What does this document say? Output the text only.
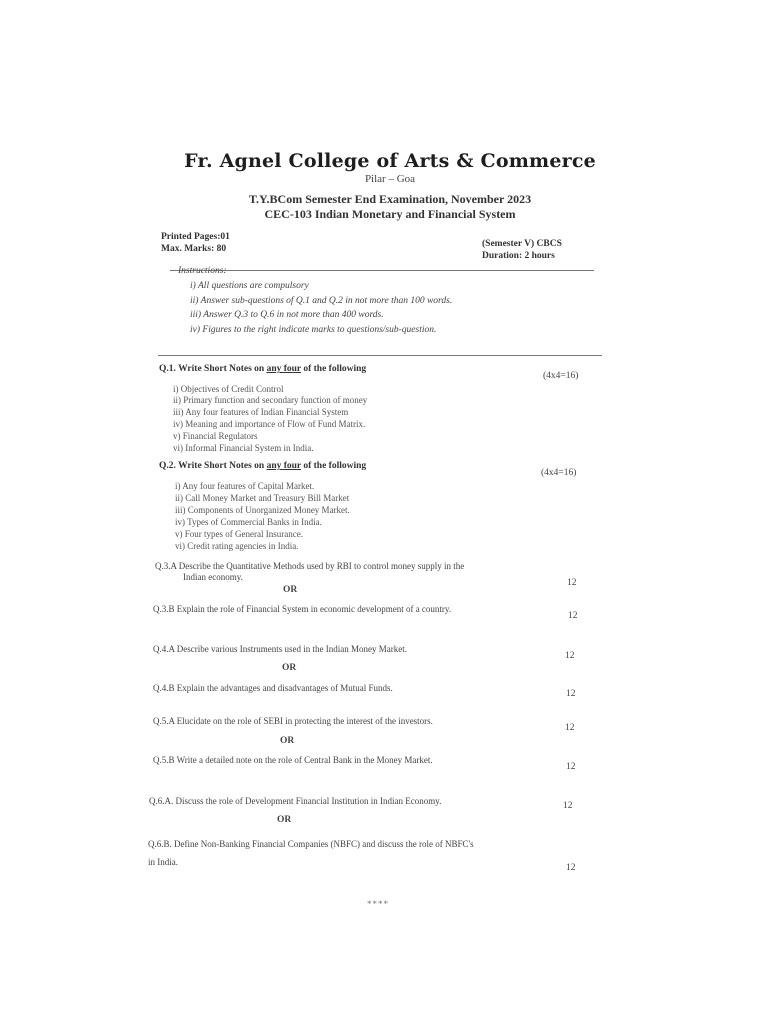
Fr. Agnel College of Arts & Commerce
Pilar – Goa
T.Y.BCom Semester End Examination, November 2023
CEC-103 Indian Monetary and Financial System
Printed Pages:01
Max. Marks: 80	(Semester V) CBCS
Duration: 2 hours
Instructions:
i) All questions are compulsory
ii) Answer sub-questions of Q.1 and Q.2 in not more than 100 words.
iii) Answer Q.3 to Q.6 in not more than 400 words.
iv) Figures to the right indicate marks to questions/sub-question.
Q.1. Write Short Notes on any four of the following
(4x4=16)
i) Objectives of Credit Control
ii) Primary function and secondary function of money
iii) Any four features of Indian Financial System
iv) Meaning and importance of Flow of Fund Matrix.
v) Financial Regulators
vi) Informal Financial System in India.
Q.2. Write Short Notes on any four of the following
(4x4=16)
i) Any four features of Capital Market.
ii) Call Money Market and Treasury Bill Market
iii) Components of Unorganized Money Market.
iv) Types of Commercial Banks in India.
v) Four types of General Insurance.
vi) Credit rating agencies in India.
Q.3.A Describe the Quantitative Methods used by RBI to control money supply in the
Indian economy.
12
OR
Q.3.B Explain the role of Financial System in economic development of a country.
12
Q.4.A Describe various Instruments used in the Indian Money Market.
12
OR
Q.4.B Explain the advantages and disadvantages of Mutual Funds.
12
Q.5.A Elucidate on the role of SEBI in protecting the interest of the investors.
12
OR
Q.5.B Write a detailed note on the role of Central Bank in the Money Market.
12
Q.6.A. Discuss the role of Development Financial Institution in Indian Economy.	12
OR
Q.6.B. Define Non-Banking Financial Companies (NBFC) and discuss the role of NBFC's
in India.
12
****
